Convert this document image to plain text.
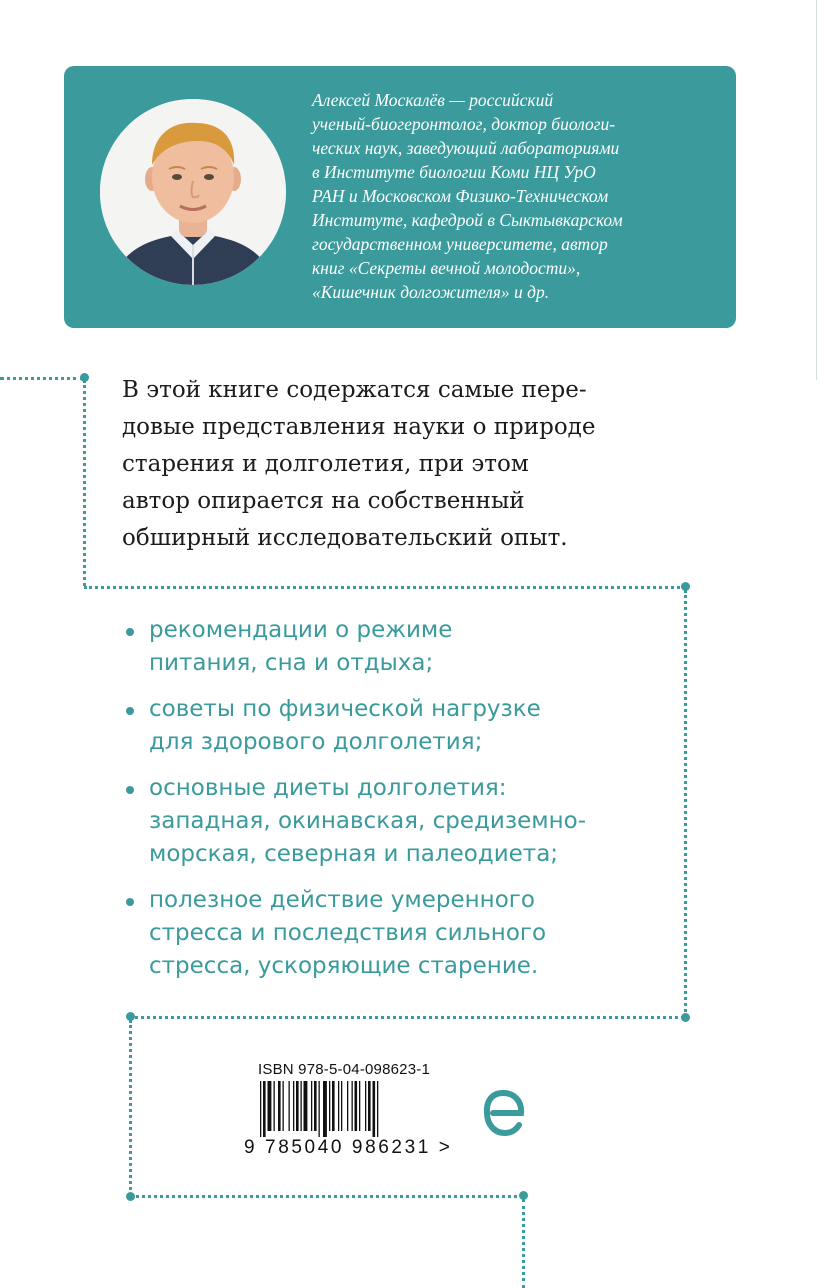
Алексей Москалёв — российский
ученый-биогеронтолог, доктор биологи-
ческих наук, заведующий лабораториями
в Институте биологии Коми НЦ УрО
РАН и Московском Физико-Техническом
Институте, кафедрой в Сыктывкарском
государственном университете, автор
книг «Секреты вечной молодости»,
«Кишечник долгожителя» и др.

В этой книге содержатся самые пере-
довые представления науки о природе
старения и долголетия, при этом
автор опирается на собственный
обширный исследовательский опыт.

рекомендации о режиме
питания, сна и отдыха;

советы по физической нагрузке
для здорового долголетия;

основные диеты долголетия:
западная, окинавская, средиземно-
морская, северная и палеодиета;

полезное действие умеренного
стресса и последствия сильного
стресса, ускоряющие старение.

ISBN 978-5-04-098623-1
9 785040 986231 >
